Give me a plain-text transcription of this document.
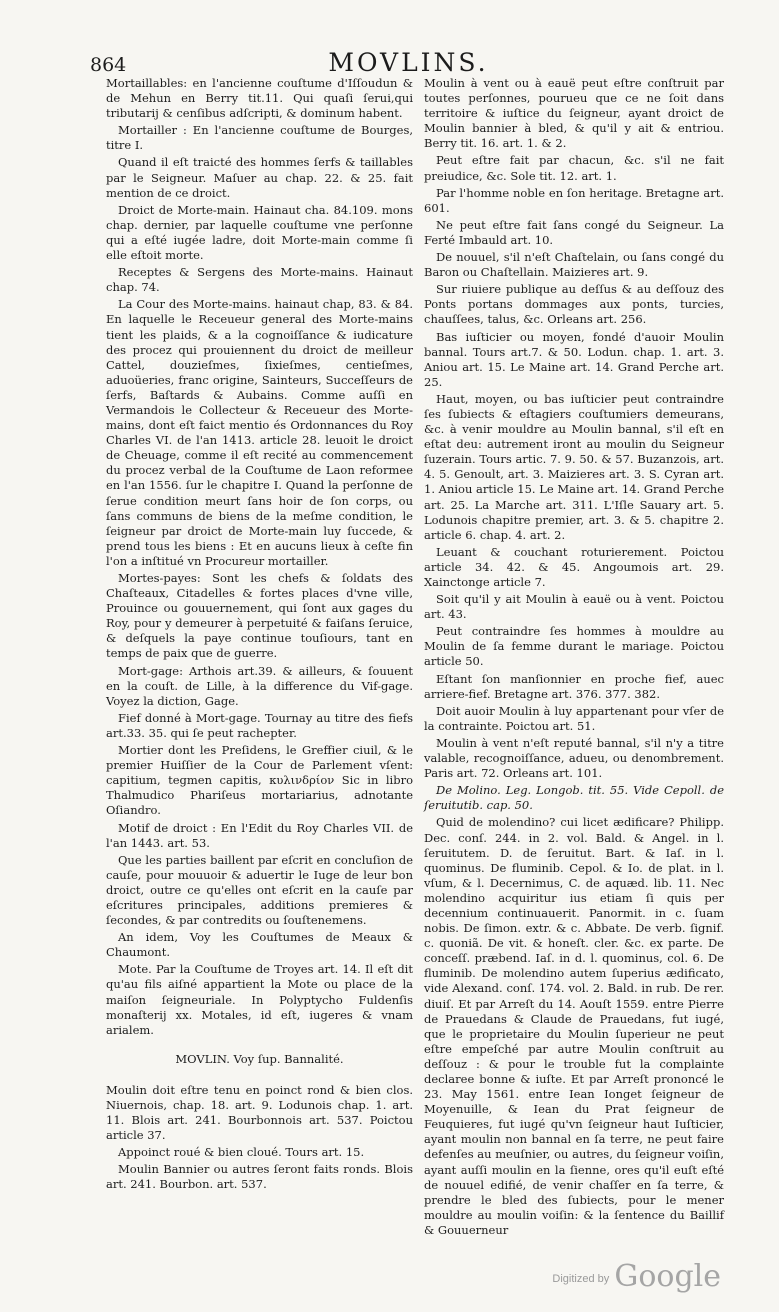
864	MOVLINS.

Mortaillables: en l'ancienne couſtume d'Iſſoudun & de Mehun en Berry tit.11. Qui quaſi ſerui,qui tributarij & cenſibus adſcripti, & dominum habent.

Mortailler : En l'ancienne couſtume de Bourges, titre I.

Quand il eſt traicté des hommes ſerfs & taillables par le Seigneur. Maſuer au chap. 22. & 25. fait mention de ce droict.

Droict de Morte-main. Hainaut cha. 84.109. mons chap. dernier, par laquelle couſtume vne perſonne qui a eſté iugée ladre, doit Morte-main comme ſi elle eſtoit morte.

Receptes & Sergens des Morte-mains. Hainaut chap. 74.

La Cour des Morte-mains. hainaut chap, 83. & 84. En laquelle le Receueur general des Morte-mains tient les plaids, & a la cognoiſſance & iudicature des procez qui prouiennent du droict de meilleur Cattel, douzieſmes, ſixieſmes, centieſmes, aduoüeries, franc origine, Sainteurs, Succeſſeurs de ſerfs, Baſtards & Aubains. Comme auſſi en Vermandois le Collecteur & Receueur des Morte-mains, dont eſt faict mentio és Ordonnances du Roy Charles VI. de l'an 1413. article 28. leuoit le droict de Cheuage, comme il eſt recité au commencement du procez verbal de la Couſtume de Laon reformee en l'an 1556. ſur le chapitre I. Quand la perſonne de ſerue condition meurt ſans hoir de ſon corps, ou ſans communs de biens de la meſme condition, le ſeigneur par droict de Morte-main luy ſuccede, & prend tous les biens : Et en aucuns lieux à ceſte fin l'on a inſtitué vn Procureur mortailler.

Mortes-payes: Sont les chefs & ſoldats des Chaſteaux, Citadelles & fortes places d'vne ville, Prouince ou gouuernement, qui ſont aux gages du Roy, pour y demeurer à perpetuité & faiſans ſeruice, & deſquels la paye continue touſiours, tant en temps de paix que de guerre.

Mort-gage: Arthois art.39. & ailleurs, & ſouuent en la couſt. de Lille, à la difference du Vif-gage. Voyez la diction, Gage.

Fief donné à Mort-gage. Tournay au titre des fiefs art.33. 35. qui ſe peut rachepter.

Mortier dont les Preſidens, le Greffier ciuil, & le premier Huiſſier de la Cour de Parlement vſent: capitium, tegmen capitis, κυλινδρίον Sic in libro Thalmudico Phariſeus mortariarius, adnotante Oſiandro.

Motif de droict : En l'Edit du Roy Charles VII. de l'an 1443. art. 53.

Que les parties baillent par eſcrit en concluſion de cauſe, pour mouuoir & aduertir le Iuge de leur bon droict, outre ce qu'elles ont eſcrit en la cauſe par eſcritures principales, additions premieres & ſecondes, & par contredits ou ſouſtenemens.

An idem, Voy les Couſtumes de Meaux & Chaumont.

Mote. Par la Couſtume de Troyes art. 14. Il eſt dit qu'au fils aiſné appartient la Mote ou place de la maiſon ſeigneuriale. In Polyptycho Fuldenſis monaſterij xx. Motales, id eſt, iugeres & vnam arialem.

MOVLIN. Voy ſup. Bannalité.

Moulin doit eſtre tenu en poinct rond & bien clos. Niuernois, chap. 18. art. 9. Lodunois chap. 1. art. 11. Blois art. 241. Bourbonnois art. 537. Poictou article 37.

Appoinct roué & bien cloué. Tours art. 15.

Moulin Bannier ou autres ſeront faits ronds. Blois art. 241. Bourbon. art. 537.

Moulin à vent ou à eauë peut eſtre conſtruit par toutes perſonnes, pourueu que ce ne ſoit dans territoire & iuſtice du ſeigneur, ayant droict de Moulin bannier à bled, & qu'il y ait & entriou. Berry tit. 16. art. 1. & 2.

Peut eſtre fait par chacun, &c. s'il ne fait preiudice, &c. Sole tit. 12. art. 1.

Par l'homme noble en ſon heritage. Bretagne art. 601.

Ne peut eſtre fait ſans congé du Seigneur. La Ferté Imbauld art. 10.

De nouuel, s'il n'eſt Chaſtelain, ou ſans congé du Baron ou Chaſtellain. Maizieres art. 9.

Sur riuiere publique au deſſus & au deſſouz des Ponts portans dommages aux ponts, turcies, chauſſees, talus, &c. Orleans art. 256.

Bas iuſticier ou moyen, fondé d'auoir Moulin bannal. Tours art.7. & 50. Lodun. chap. 1. art. 3. Aniou art. 15. Le Maine art. 14. Grand Perche art. 25.

Haut, moyen, ou bas iuſticier peut contraindre ſes ſubiects & eſtagiers couſtumiers demeurans, &c. à venir mouldre au Moulin bannal, s'il eſt en eſtat deu: autrement iront au moulin du Seigneur ſuzerain. Tours artic. 7. 9. 50. & 57. Buzanzois, art. 4. 5. Genoult, art. 3. Maizieres art. 3. S. Cyran art. 1. Aniou article 15. Le Maine art. 14. Grand Perche art. 25. La Marche art. 311. L'Iſle Sauary art. 5. Lodunois chapitre premier, art. 3. & 5. chapitre 2. article 6. chap. 4. art. 2.

Leuant & couchant roturierement. Poictou article 34. 42. & 45. Angoumois art. 29. Xainctonge article 7.

Soit qu'il y ait Moulin à eauë ou à vent. Poictou art. 43.

Peut contraindre ſes hommes à mouldre au Moulin de ſa femme durant le mariage. Poictou article 50.

Eſtant ſon manſionnier en proche fief, auec arriere-fief. Bretagne art. 376. 377. 382.

Doit auoir Moulin à luy appartenant pour vſer de la contrainte. Poictou art. 51.

Moulin à vent n'eſt reputé bannal, s'il n'y a titre valable, recognoiſſance, adueu, ou denombrement. Paris art. 72. Orleans art. 101.

De Molino. Leg. Longob. tit. 55. Vide Cepoll. de ſeruitutib. cap. 50.

Quid de molendino? cui licet ædificare? Philipp. Dec. conſ. 244. in 2. vol. Bald. & Angel. in l. ſeruitutem. D. de ſeruitut. Bart. & Iaſ. in l. quominus. De fluminib. Cepol. & Io. de plat. in l. vſum, & l. Decernimus, C. de aquæd. lib. 11. Nec molendino acquiritur ius etiam ſi quis per decennium continuauerit. Panormit. in c. ſuam nobis. De ſimon. extr. & c. Abbate. De verb. ſignif. c. quoniã. De vit. & honeſt. cler. &c. ex parte. De conceſſ. præbend. Iaſ. in d. l. quominus, col. 6. De fluminib. De molendino autem ſuperius ædificato, vide Alexand. conſ. 174. vol. 2. Bald. in rub. De rer. diuiſ. Et par Arreſt du 14. Aouſt 1559. entre Pierre de Prauedans & Claude de Prauedans, fut iugé, que le proprietaire du Moulin ſuperieur ne peut eſtre empeſché par autre Moulin conſtruit au deſſouz : & pour le trouble fut la complainte declaree bonne & iuſte. Et par Arreſt prononcé le 23. May 1561. entre Iean Ionget ſeigneur de Moyenuille, & Iean du Prat ſeigneur de Feuquieres, fut iugé qu'vn ſeigneur haut Iuſticier, ayant moulin non bannal en ſa terre, ne peut faire defenſes au meuſnier, ou autres, du ſeigneur voiſin, ayant auſſi moulin en la ſienne, ores qu'il euſt eſté de nouuel edifié, de venir chaſſer en ſa terre, & prendre le bled des ſubiects, pour le mener mouldre au moulin voiſin: & la ſentence du Baillif & Gouuerneur

$^{Digitized by}$ Google
